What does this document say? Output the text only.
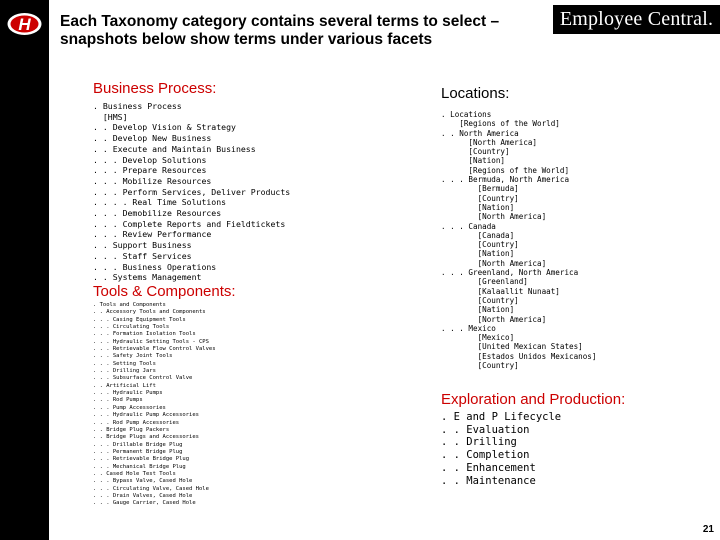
H Each Taxonomy category contains several terms to select –snapshots below show terms under various facets
Employee Central.
Business Process:
. Business Process
[HMS]
. . Develop Vision & Strategy
. . Develop New Business
. . Execute and Maintain Business
. . . Develop Solutions
. . . Prepare Resources
. . . Mobilize Resources
. . . Perform Services, Deliver Products
. . . . Real Time Solutions
. . . Demobilize Resources
. . . Complete Reports and Fieldtickets
. . . Review Performance
. . Support Business
. . . Staff Services
. . . Business Operations
. . Systems Management
Locations:
. Locations
[Regions of the World]
. . North America
[North America]
[Country]
[Nation]
[Regions of the World]
. . . Bermuda, North America
[Bermuda]
[Country]
[Nation]
[North America]
. . . Canada
[Canada]
[Country]
[Nation]
[North America]
. . . Greenland, North America
[Greenland]
[Kalaallit Nunaat]
[Country]
[Nation]
[North America]
. . . Mexico
[Mexico]
[United Mexican States]
[Estados Unidos Mexicanos]
[Country]
Tools & Components:
. Tools and Components
. . Accessory Tools and Components
. . . Casing Equipment Tools
. . . Circulating Tools
. . . Formation Isolation Tools
. . . Hydraulic Setting Tools - CPS
. . . Retrievable Flow Control Valves
. . . Safety Joint Tools
. . . Setting Tools
. . . Drilling Jars
. . . Subsurface Control Valve
. . Artificial Lift
. . . Hydraulic Pumps
. . . Rod Pumps
. . . Pump Accessories
. . . Hydraulic Pump Accessories
. . . Rod Pump Accessories
. . Bridge Plug Packers
. . Bridge Plugs and Accessories
. . . Drillable Bridge Plug
. . . Permanent Bridge Plug
. . . Retrievable Bridge Plug
. . . Mechanical Bridge Plug
. . Cased Hole Test Tools
. . . Bypass Valve, Cased Hole
. . . Circulating Valve, Cased Hole
. . . Drain Valves, Cased Hole
. . . Gauge Carrier, Cased Hole
Exploration and Production:
. E and P Lifecycle
. . Evaluation
. . Drilling
. . Completion
. . Enhancement
. . Maintenance
21
